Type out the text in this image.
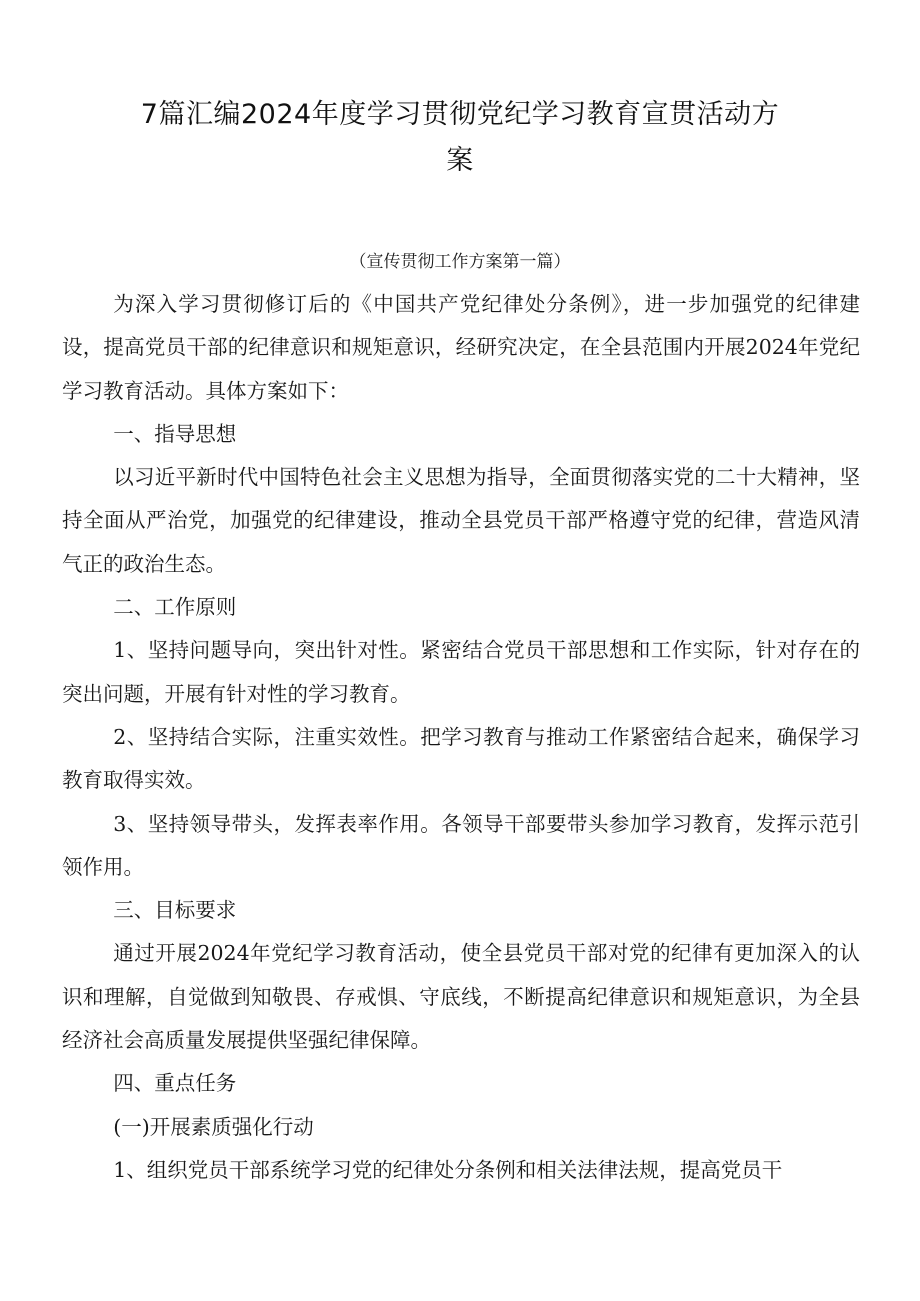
7篇汇编2024年度学习贯彻党纪学习教育宣贯活动方
案
（宣传贯彻工作方案第一篇）

为深入学习贯彻修订后的《中国共产党纪律处分条例》，进一步加强党的纪律建设，提高党员干部的纪律意识和规矩意识，经研究决定，在全县范围内开展2024年党纪学习教育活动。具体方案如下：

一、指导思想

以习近平新时代中国特色社会主义思想为指导，全面贯彻落实党的二十大精神，坚持全面从严治党，加强党的纪律建设，推动全县党员干部严格遵守党的纪律，营造风清气正的政治生态。

二、工作原则

1、坚持问题导向，突出针对性。紧密结合党员干部思想和工作实际，针对存在的突出问题，开展有针对性的学习教育。

2、坚持结合实际，注重实效性。把学习教育与推动工作紧密结合起来，确保学习教育取得实效。

3、坚持领导带头，发挥表率作用。各领导干部要带头参加学习教育，发挥示范引领作用。

三、目标要求

通过开展2024年党纪学习教育活动，使全县党员干部对党的纪律有更加深入的认识和理解，自觉做到知敬畏、存戒惧、守底线，不断提高纪律意识和规矩意识，为全县经济社会高质量发展提供坚强纪律保障。

四、重点任务

(一)开展素质强化行动

1、组织党员干部系统学习党的纪律处分条例和相关法律法规，提高党员干
